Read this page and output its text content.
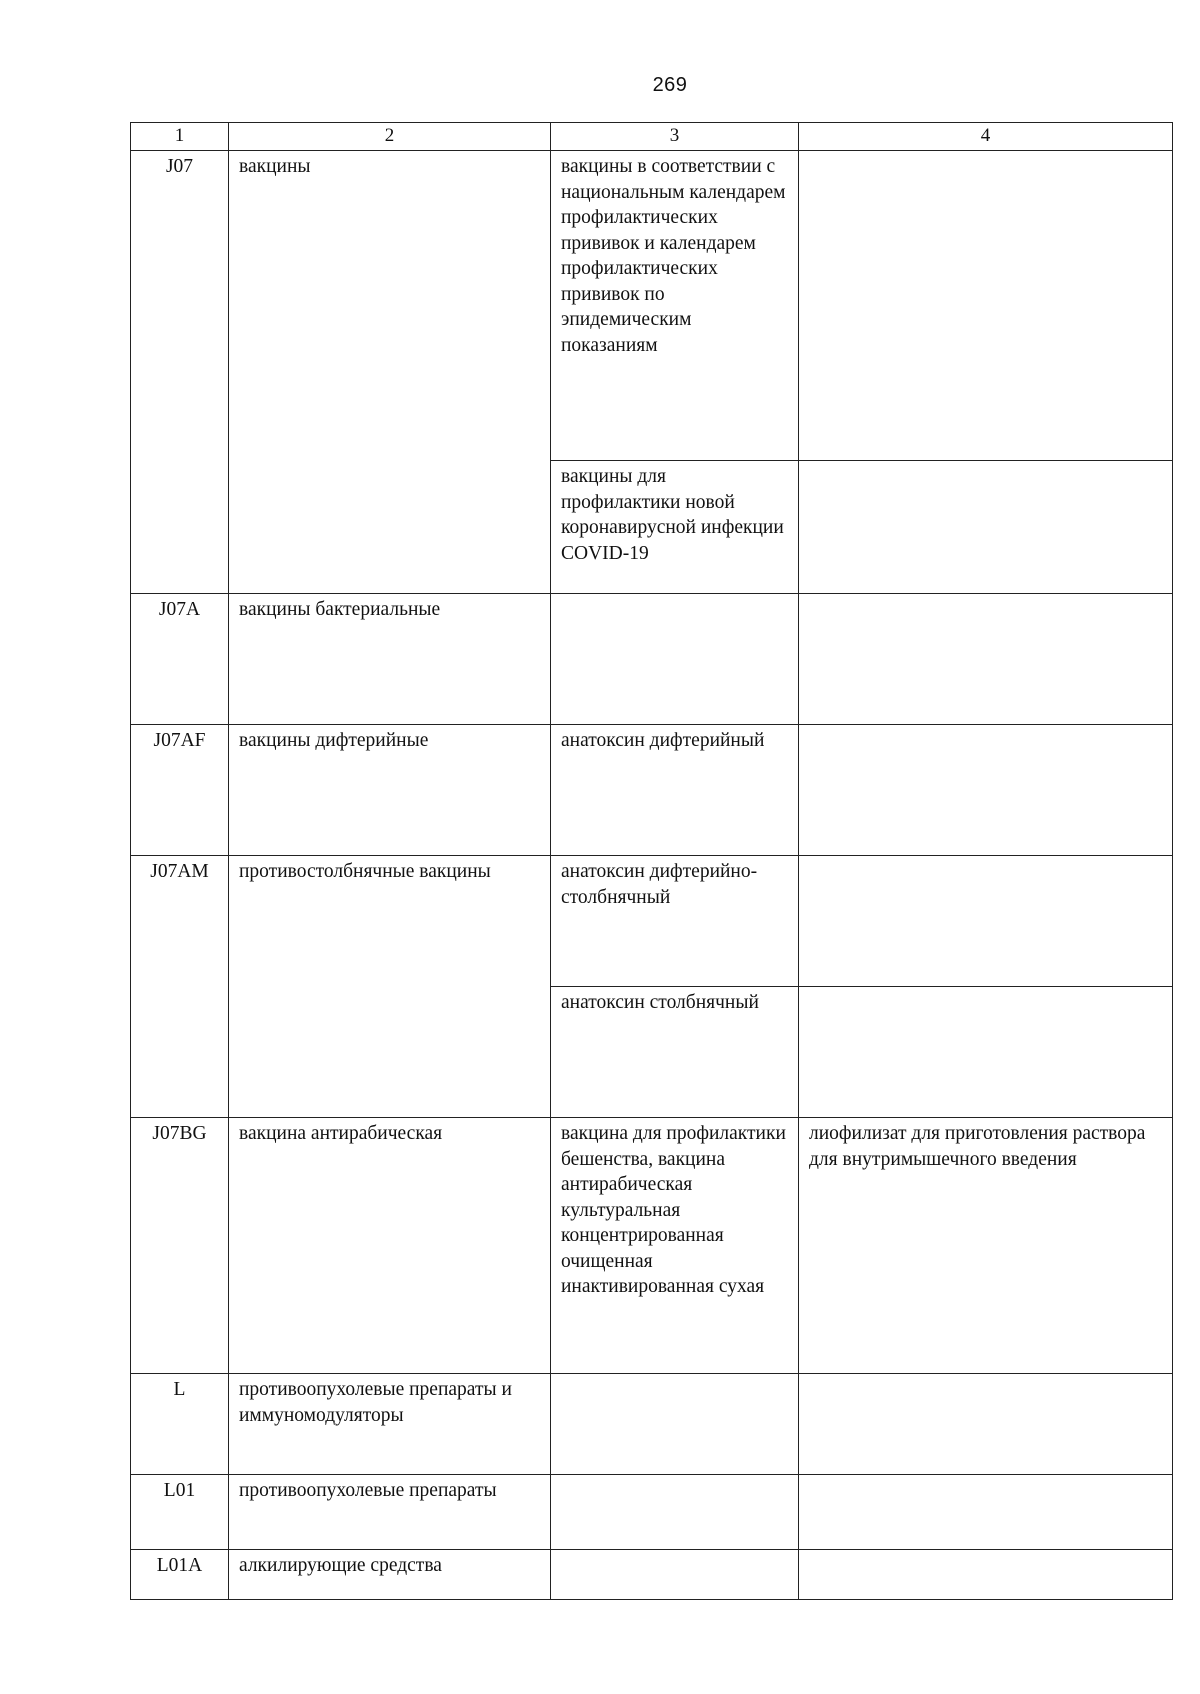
269
1	2	3	4
J07	вакцины	вакцины в соответствии с национальным календарем профилактических прививок и календарем профилактических прививок по эпидемическим показаниям	
		вакцины для профилактики новой коронавирусной инфекции COVID-19	
J07A	вакцины бактериальные		
J07AF	вакцины дифтерийные	анатоксин дифтерийный	
J07AM	противостолбнячные вакцины	анатоксин дифтерийно-столбнячный	
		анатоксин столбнячный	
J07BG	вакцина антирабическая	вакцина для профилактики бешенства, вакцина антирабическая культуральная концентрированная очищенная инактивированная сухая	лиофилизат для приготовления раствора для внутримышечного введения
L	противоопухолевые препараты и иммуномодуляторы		
L01	противоопухолевые препараты		
L01A	алкилирующие средства		
